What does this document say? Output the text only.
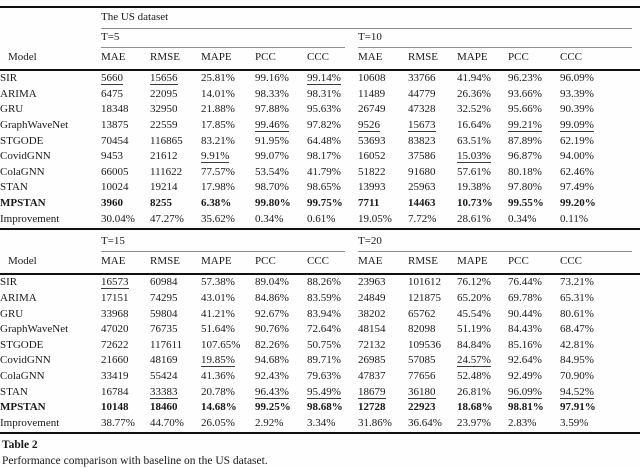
	The US dataset									

	T=5					T=10				

Model	MAE	RMSE	MAPE	PCC	CCC	MAE	RMSE	MAPE	PCC	CCC
SIR	5660	15656	25.81%	99.16%	99.14%	10608	33766	41.94%	96.23%	96.09%
ARIMA	6475	22095	14.01%	98.33%	98.31%	11489	44779	26.36%	93.66%	93.39%
GRU	18348	32950	21.88%	97.88%	95.63%	26749	47328	32.52%	95.66%	90.39%
GraphWaveNet	13875	22559	17.85%	99.46%	97.82%	9526	15673	16.64%	99.21%	99.09%
STGODE	70454	116865	83.21%	91.95%	64.48%	53693	83823	63.51%	87.89%	62.19%
CovidGNN	9453	21612	9.91%	99.07%	98.17%	16052	37586	15.03%	96.87%	94.00%
ColaGNN	66005	111622	77.57%	53.54%	41.79%	51822	91680	57.61%	80.18%	62.46%
STAN	10024	19214	17.98%	98.70%	98.65%	13993	25963	19.38%	97.80%	97.49%
MPSTAN	3960	8255	6.38%	99.80%	99.75%	7711	14463	10.73%	99.55%	99.20%
Improvement	30.04%	47.27%	35.62%	0.34%	0.61%	19.05%	7.72%	28.61%	0.34%	0.11%

	T=15					T=20				

Model	MAE	RMSE	MAPE	PCC	CCC	MAE	RMSE	MAPE	PCC	CCC
SIR	16573	60984	57.38%	89.04%	88.26%	23963	101612	76.12%	76.44%	73.21%
ARIMA	17151	74295	43.01%	84.86%	83.59%	24849	121875	65.20%	69.78%	65.31%
GRU	33968	59804	41.21%	92.67%	83.94%	38202	65762	45.54%	90.44%	80.61%
GraphWaveNet	47020	76735	51.64%	90.76%	72.64%	48154	82098	51.19%	84.43%	68.47%
STGODE	72622	117611	107.65%	82.26%	50.75%	72132	109536	84.84%	85.16%	42.81%
CovidGNN	21660	48169	19.85%	94.68%	89.71%	26985	57085	24.57%	92.64%	84.95%
ColaGNN	33419	55424	41.36%	92.43%	79.63%	47837	77656	52.48%	92.49%	70.90%
STAN	16784	33383	20.78%	96.43%	95.49%	18679	36180	26.81%	96.09%	94.52%
MPSTAN	10148	18460	14.68%	99.25%	98.68%	12728	22923	18.68%	98.81%	97.91%
Improvement	38.77%	44.70%	26.05%	2.92%	3.34%	31.86%	36.64%	23.97%	2.83%	3.59%
Table 2
Performance comparison with baseline on the US dataset.
